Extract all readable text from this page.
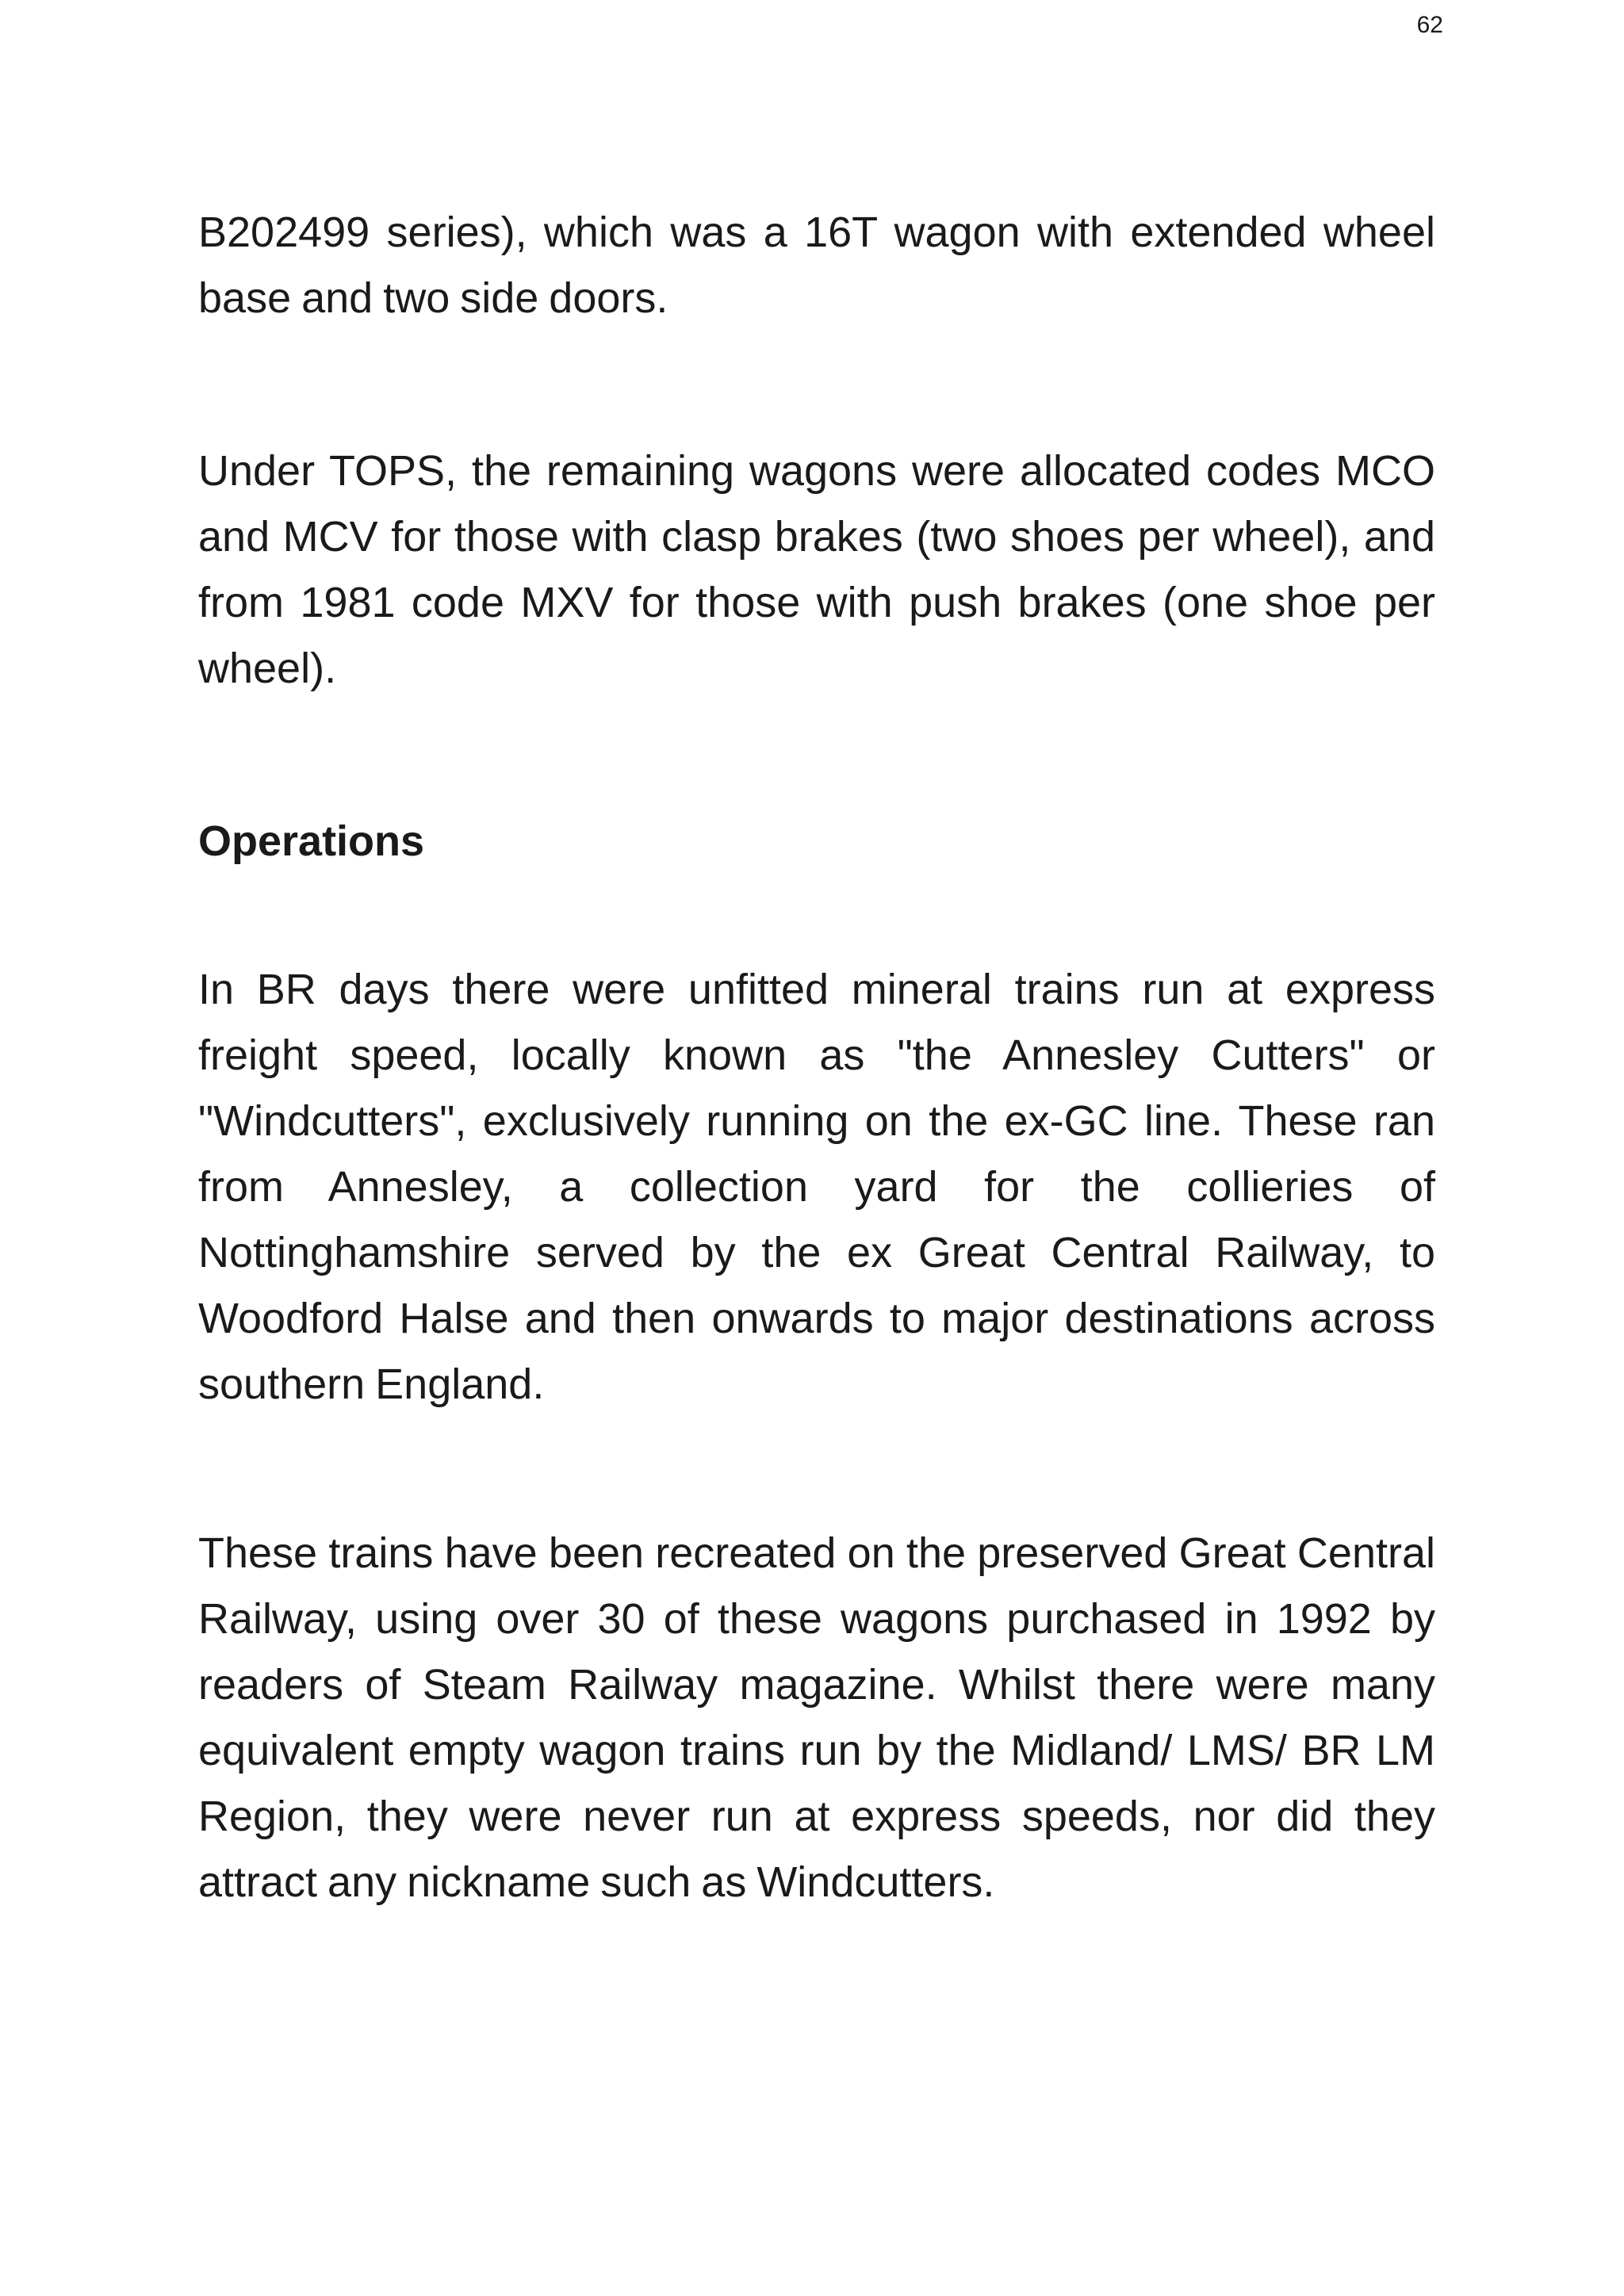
62

B202499 series), which was a 16T wagon with extended wheel base and two side doors.

Under TOPS, the remaining wagons were allocated codes MCO and MCV for those with clasp brakes (two shoes per wheel), and from 1981 code MXV for those with push brakes (one shoe per wheel).

Operations

In BR days there were unfitted mineral trains run at express freight speed, locally known as "the Annesley Cutters" or "Windcutters", exclusively running on the ex-GC line. These ran from Annesley, a collection yard for the collieries of Nottinghamshire served by the ex Great Central Railway, to Woodford Halse and then onwards to major destinations across southern England.

These trains have been recreated on the preserved Great Central Railway, using over 30 of these wagons purchased in 1992 by readers of Steam Railway magazine. Whilst there were many equivalent empty wagon trains run by the Midland/ LMS/ BR LM Region, they were never run at express speeds, nor did they attract any nickname such as Windcutters.
